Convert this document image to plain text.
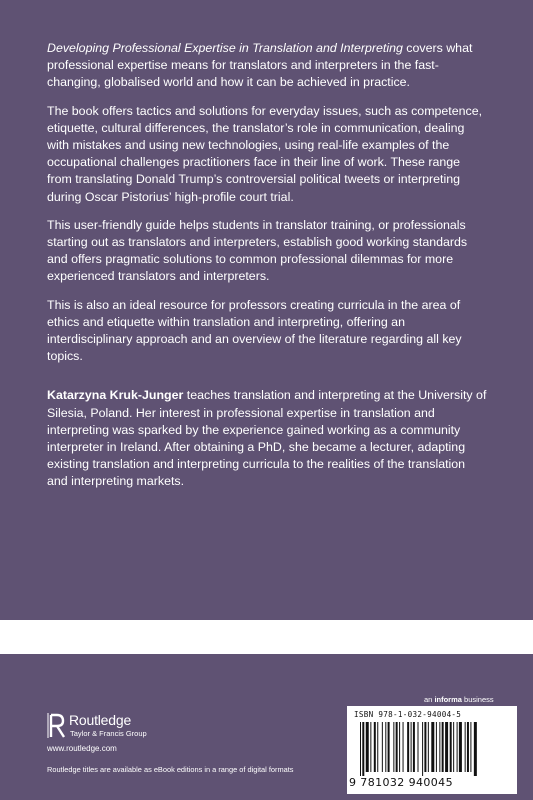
Developing Professional Expertise in Translation and Interpreting covers what professional expertise means for translators and interpreters in the fast-changing, globalised world and how it can be achieved in practice.

The book offers tactics and solutions for everyday issues, such as competence, etiquette, cultural differences, the translator’s role in communication, dealing with mistakes and using new technologies, using real-life examples of the occupational challenges practitioners face in their line of work. These range from translating Donald Trump’s controversial political tweets or interpreting during Oscar Pistorius’ high-profile court trial.

This user-friendly guide helps students in translator training, or professionals starting out as translators and interpreters, establish good working standards and offers pragmatic solutions to common professional dilemmas for more experienced translators and interpreters.

This is also an ideal resource for professors creating curricula in the area of ethics and etiquette within translation and interpreting, offering an interdisciplinary approach and an overview of the literature regarding all key topics.

Katarzyna Kruk-Junger teaches translation and interpreting at the University of Silesia, Poland. Her interest in professional expertise in translation and interpreting was sparked by the experience gained working as a community interpreter in Ireland. After obtaining a PhD, she became a lecturer, adapting existing translation and interpreting curricula to the realities of the translation and interpreting markets.

an informa business
Routledge
Taylor & Francis Group
www.routledge.com
Routledge titles are available as eBook editions in a range of digital formats
ISBN 978-1-032-94004-5
9 781032 940045
